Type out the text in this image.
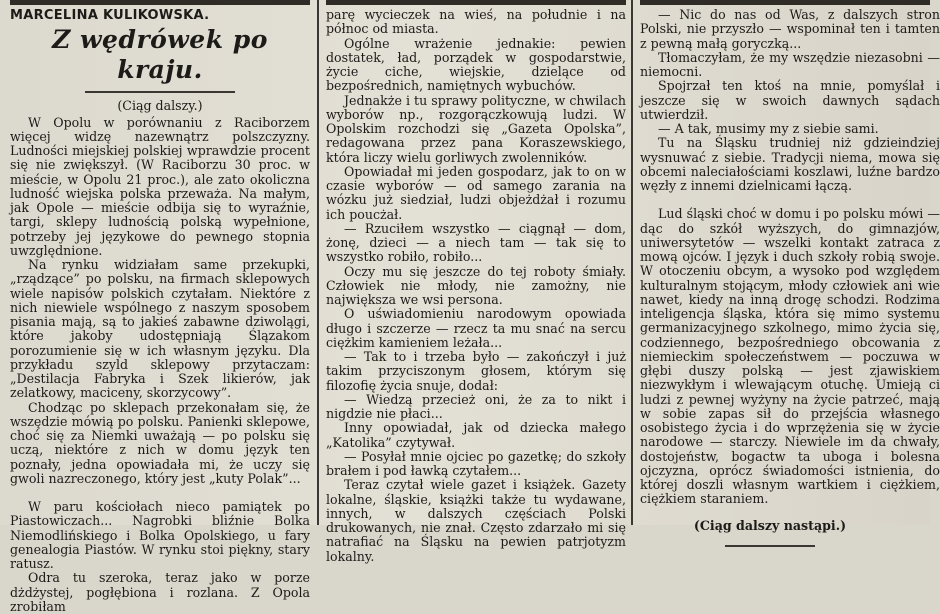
MARCELINA KULIKOWSKA.

Z wędrówek po kraju.

(Ciąg dalszy.)

W Opolu w porównaniu z Raciborzem więcej widzę nazewnątrz polszczyzny. Ludności miejskiej polskiej wprawdzie procent się nie zwiększył. (W Raciborzu 30 proc. w mieście, w Opolu 21 proc.), ale zato okoliczna ludność wiejska polska przeważa. Na małym, jak Opole — mieście odbija się to wyraźnie, targi, sklepy ludnością polską wypełnione, potrzeby jej językowe do pewnego stopnia uwzględnione.

Na rynku widziałam same przekupki, „rządzące” po polsku, na firmach sklepowych wiele napisów polskich czytałam. Niektóre z nich niewiele wspólnego z naszym sposobem pisania mają, są to jakieś zabawne dziwolągi, które jakoby udostępniają Ślązakom porozumienie się w ich własnym języku. Dla przykładu szyld sklepowy przytaczam: „Destilacja Fabryka i Szek likierów, jak zelatkowy, maciceny, skorzycowy”.

Chodząc po sklepach przekonałam się, że wszędzie mówią po polsku. Panienki sklepowe, choć się za Niemki uważają — po polsku się uczą, niektóre z nich w domu język ten poznały, jedna opowiadała mi, że uczy się gwoli nazreczonego, który jest „kuty Polak”...

W paru kościołach nieco pamiątek po Piastowiczach... Nagrobki bliźnie Bolka Niemodlińskiego i Bolka Opolskiego, u fary genealogia Piastów. W rynku stoi piękny, stary ratusz.

Odra tu szeroka, teraz jako w porze dżdżystej, pogłębiona i rozlana. Z Opola zrobiłam

parę wycieczek na wieś, na południe i na północ od miasta.

Ogólne wrażenie jednakie: pewien dostatek, ład, porządek w gospodarstwie, życie ciche, wiejskie, dzielące od bezpośrednich, namiętnych wybuchów.

Jednakże i tu sprawy polityczne, w chwilach wyborów np., rozgorączkowują ludzi. W Opolskim rozchodzi się „Gazeta Opolska”, redagowana przez pana Koraszewskiego, która liczy wielu gorliwych zwolenników.

Opowiadał mi jeden gospodarz, jak to on w czasie wyborów — od samego zarania na wózku już siedział, ludzi objeżdżał i rozumu ich poucżał.

— Rzuciłem wszystko — ciągnął — dom, żonę, dzieci — a niech tam — tak się to wszystko robiło, robiło...

Oczy mu się jeszcze do tej roboty śmiały. Człowiek nie młody, nie zamożny, nie największa we wsi persona.

O uświadomieniu narodowym opowiada długo i szczerze — rzecz ta mu snać na sercu ciężkim kamieniem leżała...

— Tak to i trzeba było — zakończył i już takim przyciszonym głosem, którym się filozofię życia snuje, dodał:

— Wiedzą przecież oni, że za to nikt i nigdzie nie płaci...

Inny opowiadał, jak od dziecka małego „Katolika” czytywał.

— Posyłał mnie ojciec po gazetkę; do szkoły brałem i pod ławką czytałem...

Teraz czytał wiele gazet i książek. Gazety lokalne, śląskie, książki także tu wydawane, innych, w dalszych częściach Polski drukowanych, nie znał. Często zdarzało mi się natrafiać na Śląsku na pewien patrjotyzm lokalny.

— Nic do nas od Was, z dalszych stron Polski, nie przyszło — wspominał ten i tamten z pewną małą goryczką...

Tłomaczyłam, że my wszędzie niezasobni — niemocni.

Spojrzał ten ktoś na mnie, pomyślał i jeszcze się w swoich dawnych sądach utwierdził.

— A tak, musimy my z siebie sami.

Tu na Śląsku trudniej niż gdzieindziej wysnuwać z siebie. Tradycji niema, mowa się obcemi naleciałościami koszlawi, luźne bardzo węzły z innemi dzielnicami łączą.

Lud śląski choć w domu i po polsku mówi — dąc do szkół wyższych, do gimnazjów, uniwersytetów — wszelki kontakt zatraca z mową ojców. I język i duch szkoły robią swoje. W otoczeniu obcym, a wysoko pod względem kulturalnym stojącym, młody człowiek ani wie nawet, kiedy na inną drogę schodzi. Rodzima inteligencja śląska, która się mimo systemu germanizacyjnego szkolnego, mimo życia się, codziennego, bezpośredniego obcowania z niemieckim społeczeństwem — poczuwa w głębi duszy polską — jest zjawiskiem niezwykłym i wlewającym otuchę. Umieją ci ludzi z pewnej wyżyny na życie patrzeć, mają w sobie zapas sił do przejścia własnego osobistego życia i do wprzężenia się w życie narodowe — starczy. Niewiele im da chwały, dostojeństw, bogactw ta uboga i bolesna ojczyzna, oprócz świadomości istnienia, do której doszli własnym wartkiem i ciężkiem, ciężkiem staraniem.

(Ciąg dalszy nastąpi.)
